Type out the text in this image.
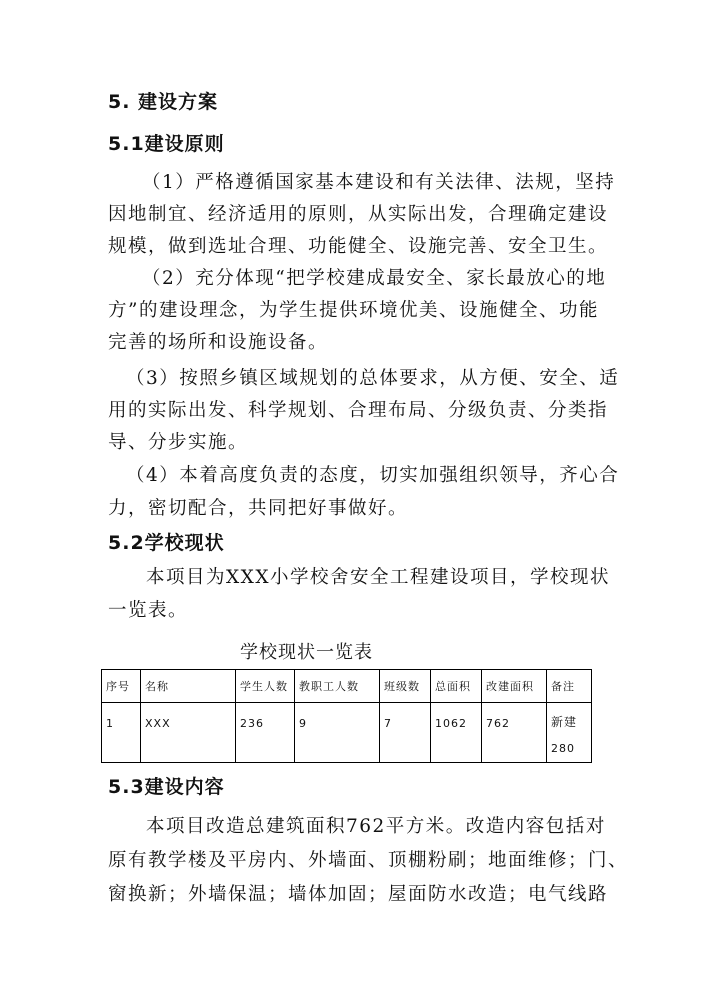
5. 建设方案
5.1建设原则

（1）严格遵循国家基本建设和有关法律、法规，坚持

因地制宜、经济适用的原则，从实际出发，合理确定建设

规模，做到选址合理、功能健全、设施完善、安全卫生。

（2）充分体现“把学校建成最安全、家长最放心的地

方”的建设理念，为学生提供环境优美、设施健全、功能

完善的场所和设施设备。

（3）按照乡镇区域规划的总体要求，从方便、安全、适

用的实际出发、科学规划、合理布局、分级负责、分类指

导、分步实施。

（4）本着高度负责的态度，切实加强组织领导，齐心合

力，密切配合，共同把好事做好。

5.2学校现状

本项目为XXX小学校舍安全工程建设项目，学校现状

一览表。

学校现状一览表
序号	名称	学生人数	教职工人数	班级数	总面积	改建面积	备注
1	XXX	236	9	7	1062	762	新建
280
5.3建设内容

本项目改造总建筑面积762平方米。改造内容包括对

原有教学楼及平房内、外墙面、顶棚粉刷；地面维修；门、

窗换新；外墙保温；墙体加固；屋面防水改造；电气线路
